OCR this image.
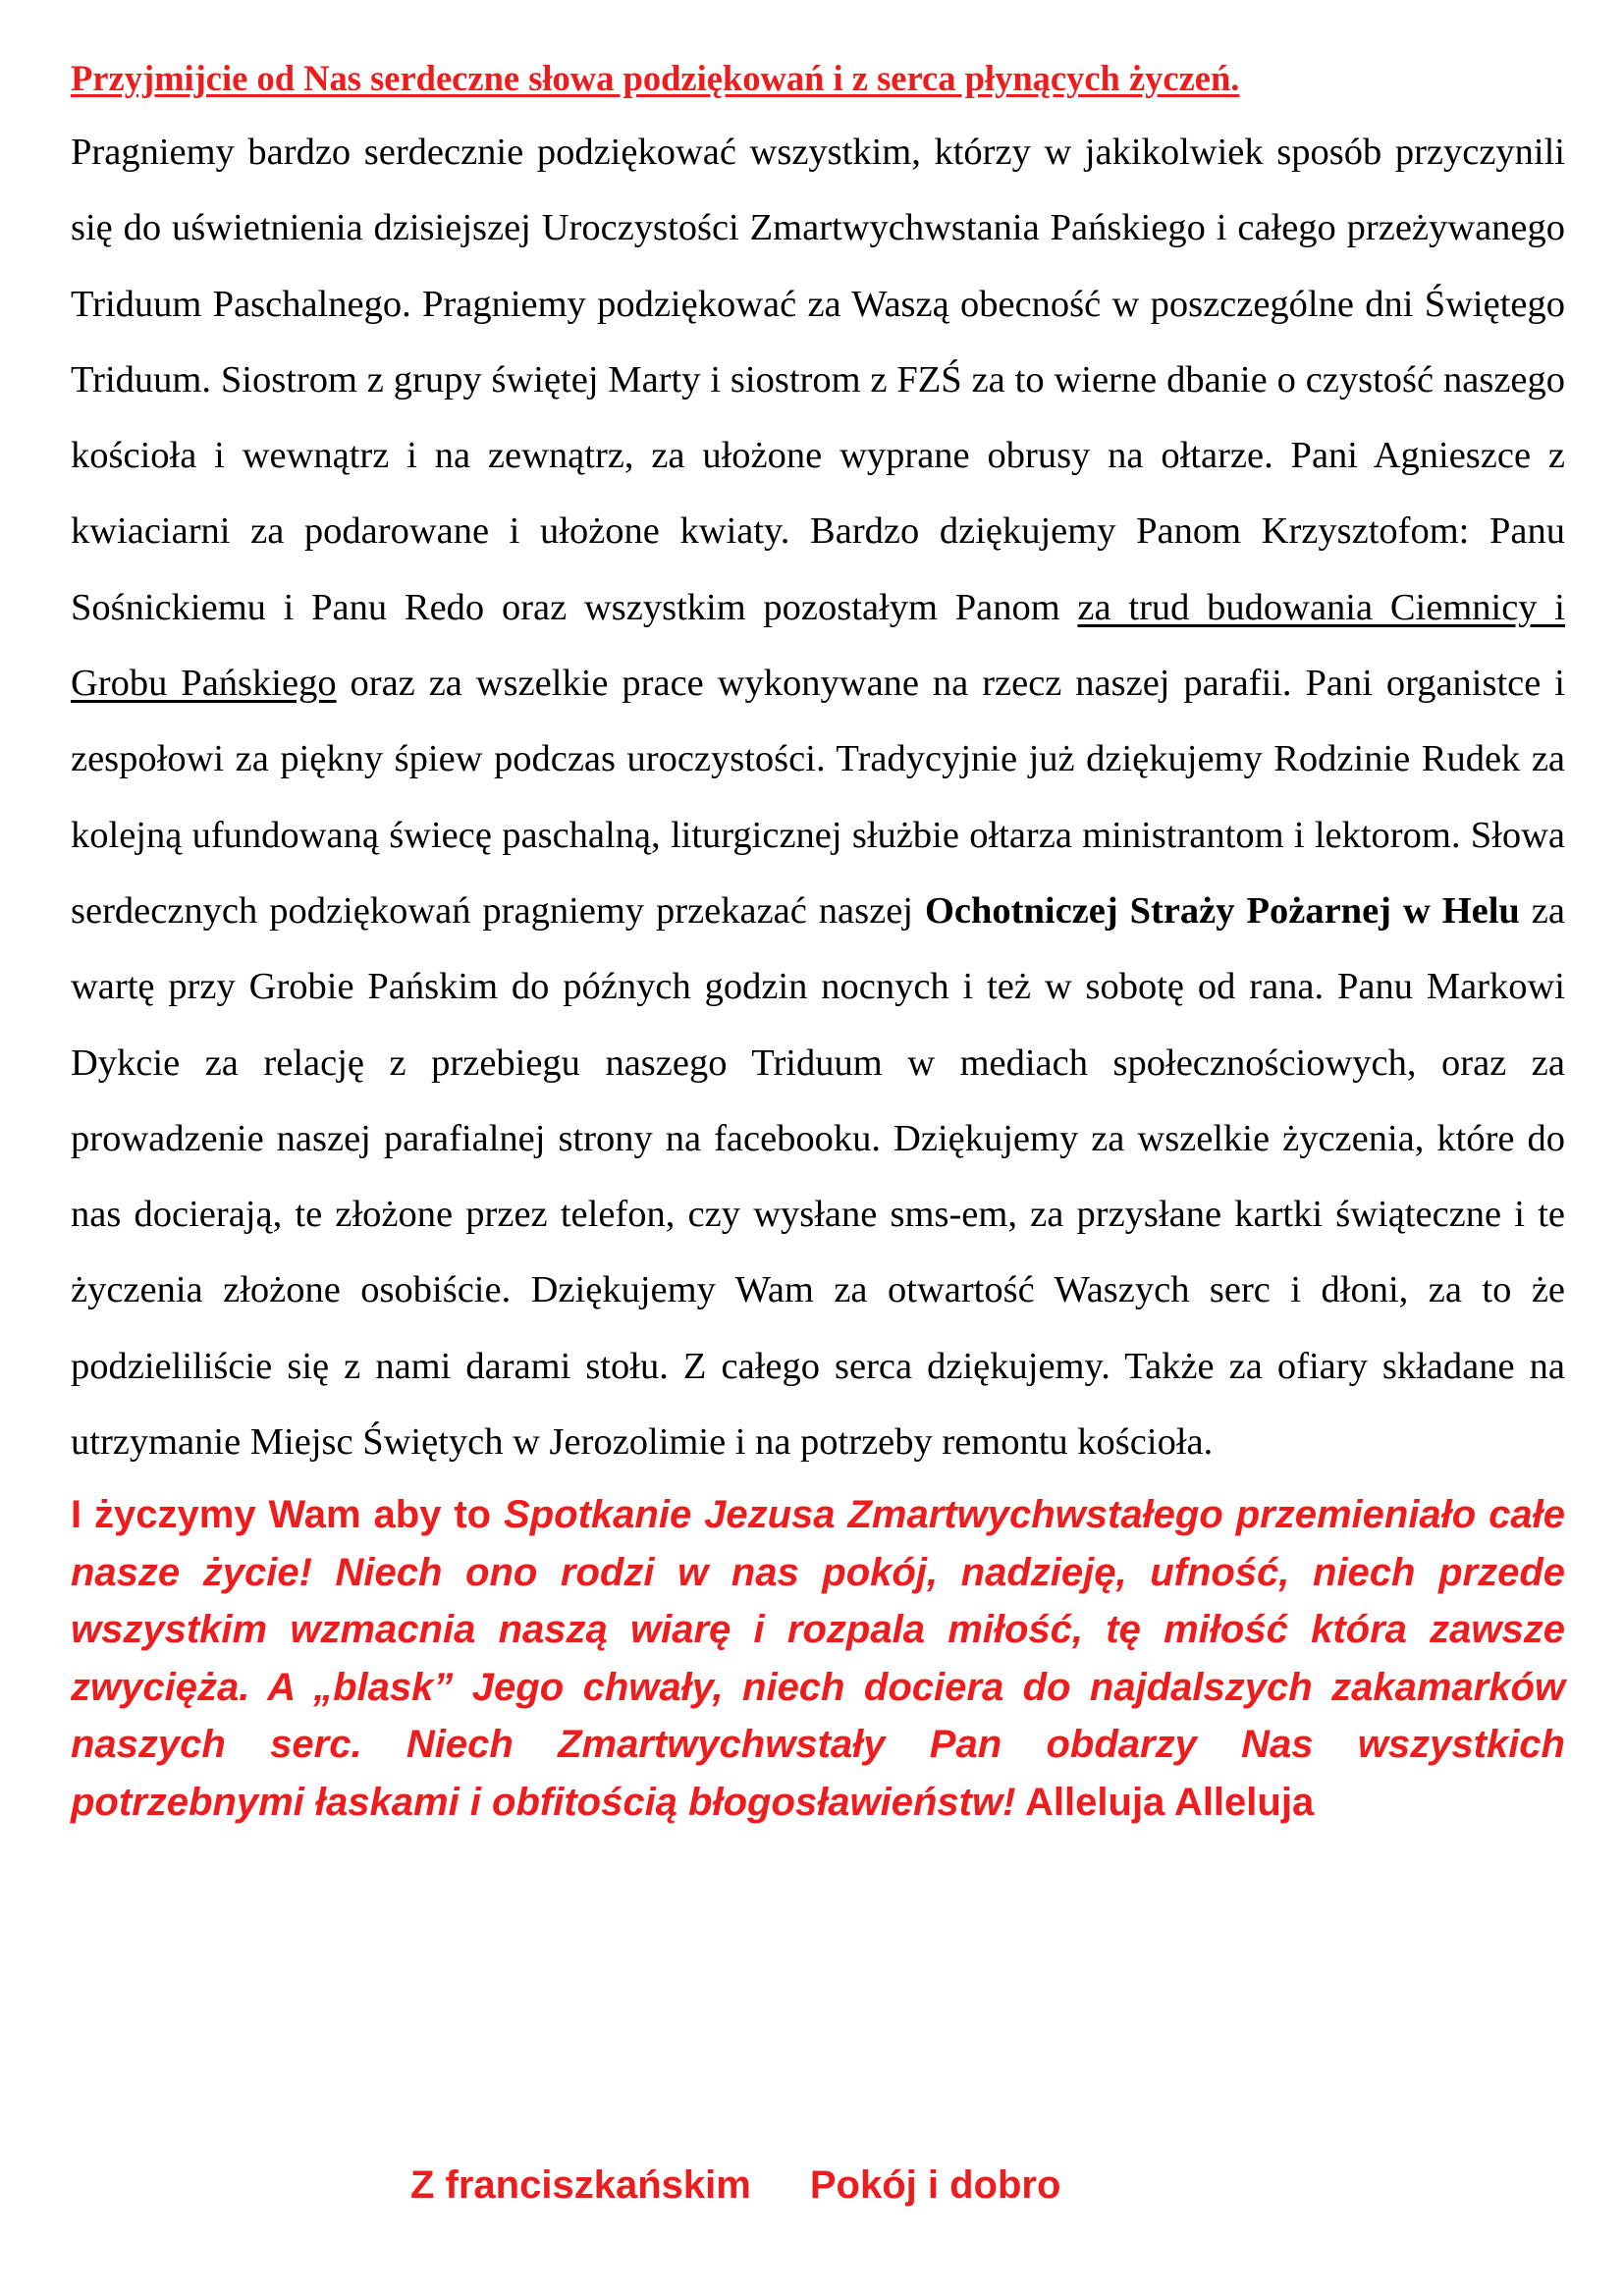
Przyjmijcie od Nas serdeczne słowa podziękowań i z serca płynących życzeń.

Pragniemy bardzo serdecznie podziękować wszystkim, którzy w jakikolwiek sposób przyczynili się do uświetnienia dzisiejszej Uroczystości Zmartwychwstania Pańskiego i całego przeżywanego Triduum Paschalnego. Pragniemy podziękować za Waszą obecność w poszczególne dni Świętego Triduum. Siostrom z grupy świętej Marty i siostrom z FZŚ za to wierne dbanie o czystość naszego kościoła i wewnątrz i na zewnątrz, za ułożone wyprane obrusy na ołtarze. Pani Agnieszce z kwiaciarni za podarowane i ułożone kwiaty. Bardzo dziękujemy Panom Krzysztofom: Panu Sośnickiemu i Panu Redo oraz wszystkim pozostałym Panom za trud budowania Ciemnicy i Grobu Pańskiego oraz za wszelkie prace wykonywane na rzecz naszej parafii. Pani organistce i zespołowi za piękny śpiew podczas uroczystości. Tradycyjnie już dziękujemy Rodzinie Rudek za kolejną ufundowaną świecę paschalną, liturgicznej służbie ołtarza ministrantom i lektorom. Słowa serdecznych podziękowań pragniemy przekazać naszej Ochotniczej Straży Pożarnej w Helu za wartę przy Grobie Pańskim do późnych godzin nocnych i też w sobotę od rana. Panu Markowi Dykcie za relację z przebiegu naszego Triduum w mediach społecznościowych, oraz za prowadzenie naszej parafialnej strony na facebooku. Dziękujemy za wszelkie życzenia, które do nas docierają, te złożone przez telefon, czy wysłane sms-em, za przysłane kartki świąteczne i te życzenia złożone osobiście. Dziękujemy Wam za otwartość Waszych serc i dłoni, za to że podzieliliście się z nami darami stołu. Z całego serca dziękujemy. Także za ofiary składane na utrzymanie Miejsc Świętych w Jerozolimie i na potrzeby remontu kościoła.

I życzymy Wam aby to Spotkanie Jezusa Zmartwychwstałego przemieniało całe nasze życie! Niech ono rodzi w nas pokój, nadzieję, ufność, niech przede wszystkim wzmacnia naszą wiarę i rozpala miłość, tę miłość która zawsze zwycięża. A „blask” Jego chwały, niech dociera do najdalszych zakamarków naszych serc. Niech Zmartwychwstały Pan obdarzy Nas wszystkich potrzebnymi łaskami i obfitością błogosławieństw! Alleluja Alleluja

Z franciszkańskim Pokój i dobro
